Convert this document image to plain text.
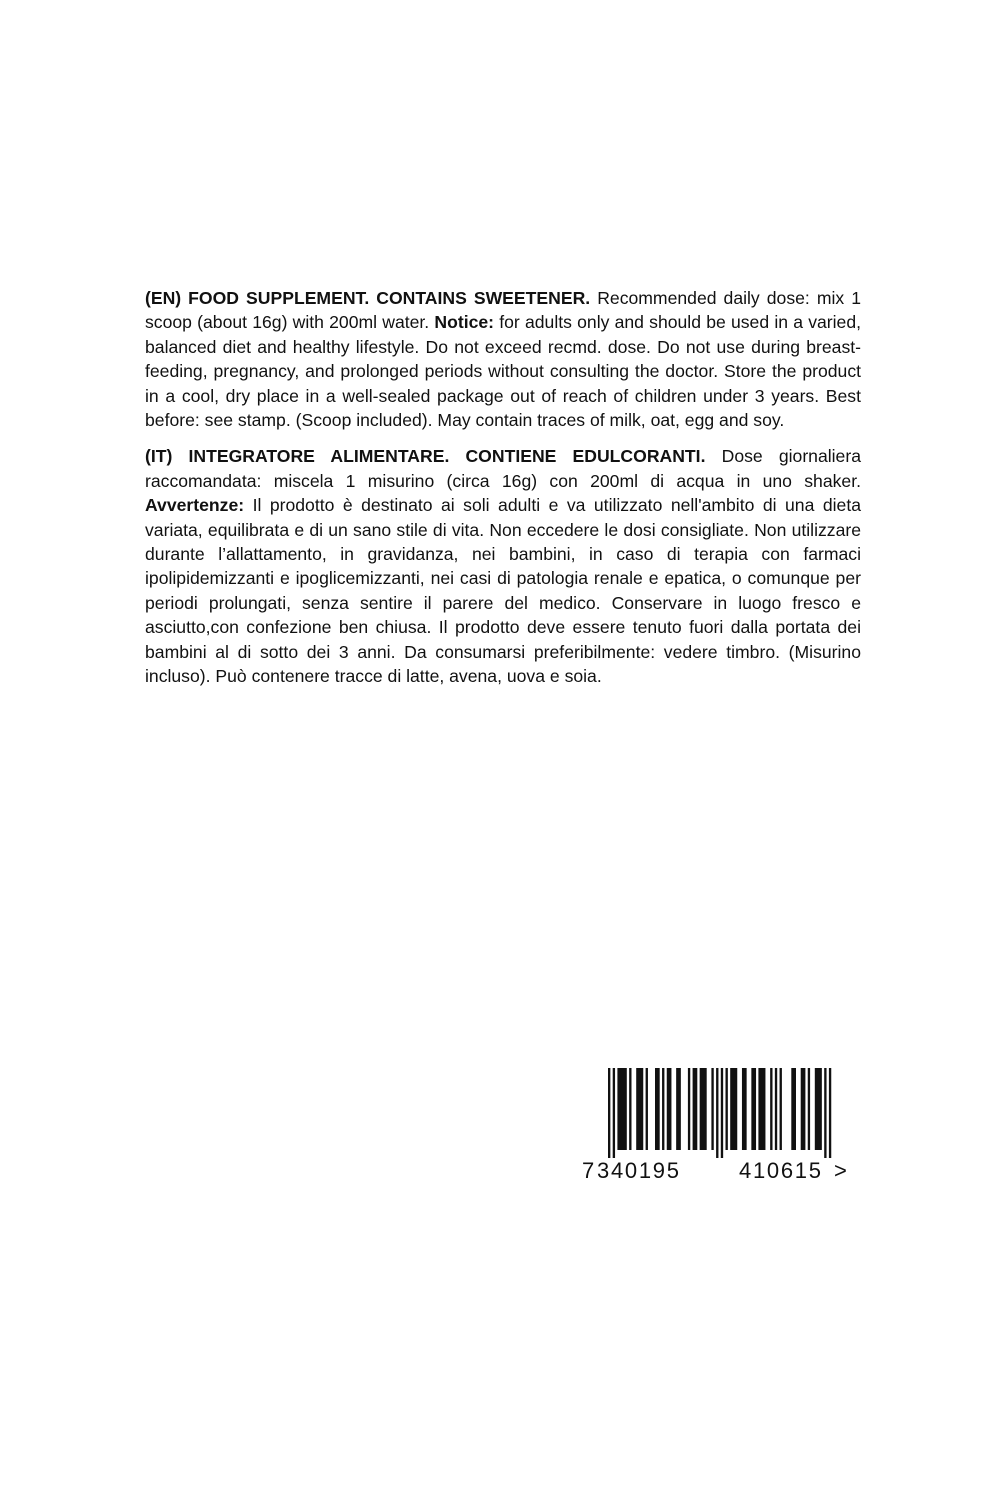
(EN) FOOD SUPPLEMENT. CONTAINS SWEETENER. Recommended daily dose: mix 1 scoop (about 16g) with 200ml water. Notice: for adults only and should be used in a varied, balanced diet and healthy lifestyle. Do not exceed recmd. dose. Do not use during breast-feeding, pregnancy, and prolonged periods without consulting the doctor. Store the product in a cool, dry place in a well-sealed package out of reach of children under 3 years. Best before: see stamp. (Scoop included). May contain traces of milk, oat, egg and soy.

(IT) INTEGRATORE ALIMENTARE. CONTIENE EDULCORANTI. Dose giornaliera raccomandata: miscela 1 misurino (circa 16g) con 200ml di acqua in uno shaker. Avvertenze: Il prodotto è destinato ai soli adulti e va utilizzato nell'ambito di una dieta variata, equilibrata e di un sano stile di vita. Non eccedere le dosi consigliate. Non utilizzare durante l’allattamento, in gravidanza, nei bambini, in caso di terapia con farmaci ipolipidemizzanti e ipoglicemizzanti, nei casi di patologia renale e epatica, o comunque per periodi prolungati, senza sentire il parere del medico. Conservare in luogo fresco e asciutto,con confezione ben chiusa. Il prodotto deve essere tenuto fuori dalla portata dei bambini al di sotto dei 3 anni. Da consumarsi preferibilmente: vedere timbro. (Misurino incluso). Può contenere tracce di latte, avena, uova e soia.

7 340195	410615 >
